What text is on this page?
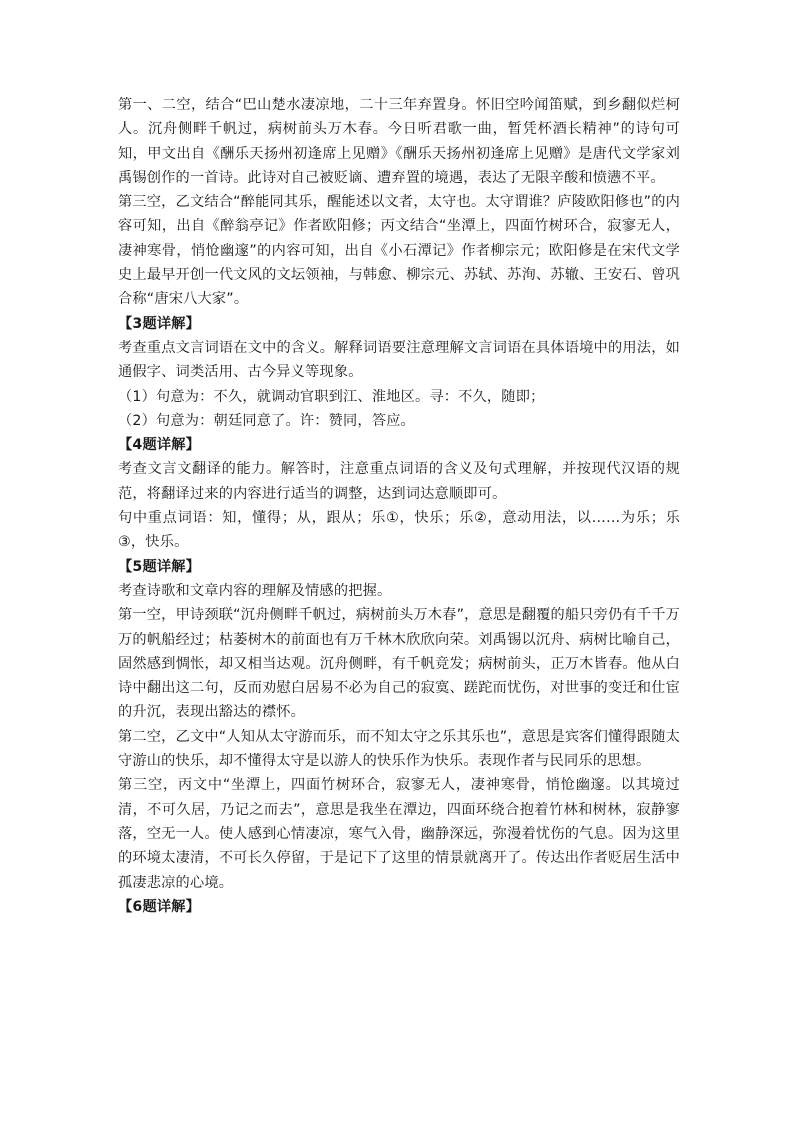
第一、二空，结合“巴山楚水凄凉地，二十三年弃置身。怀旧空吟闻笛赋，到乡翻似烂柯人。沉舟侧畔千帆过，病树前头万木春。今日听君歌一曲，暂凭杯酒长精神”的诗句可知，甲文出自《酬乐天扬州初逢席上见赠》《酬乐天扬州初逢席上见赠》是唐代文学家刘禹锡创作的一首诗。此诗对自己被贬谪、遭弃置的境遇，表达了无限辛酸和愤懑不平。

第三空，乙文结合“醉能同其乐，醒能述以文者，太守也。太守谓谁？庐陵欧阳修也”的内容可知，出自《醉翁亭记》作者欧阳修；丙文结合“坐潭上，四面竹树环合，寂寥无人，凄神寒骨，悄怆幽邃”的内容可知，出自《小石潭记》作者柳宗元；欧阳修是在宋代文学史上最早开创一代文风的文坛领袖，与韩愈、柳宗元、苏轼、苏洵、苏辙、王安石、曾巩合称“唐宋八大家”。

【3题详解】

考查重点文言词语在文中的含义。解释词语要注意理解文言词语在具体语境中的用法，如通假字、词类活用、古今异义等现象。

（1）句意为：不久，就调动官职到江、淮地区。寻：不久，随即；

（2）句意为：朝廷同意了。许：赞同，答应。

【4题详解】

考查文言文翻译的能力。解答时，注意重点词语的含义及句式理解，并按现代汉语的规范，将翻译过来的内容进行适当的调整，达到词达意顺即可。

句中重点词语：知，懂得；从，跟从；乐①，快乐；乐②，意动用法，以……为乐；乐③，快乐。

【5题详解】

考查诗歌和文章内容的理解及情感的把握。

第一空，甲诗颈联“沉舟侧畔千帆过，病树前头万木春”，意思是翻覆的船只旁仍有千千万万的帆船经过；枯萎树木的前面也有万千林木欣欣向荣。刘禹锡以沉舟、病树比喻自己，固然感到惆怅，却又相当达观。沉舟侧畔，有千帆竞发；病树前头，正万木皆春。他从白诗中翻出这二句，反而劝慰白居易不必为自己的寂寞、蹉跎而忧伤，对世事的变迁和仕宦的升沉，表现出豁达的襟怀。

第二空，乙文中“人知从太守游而乐，而不知太守之乐其乐也”，意思是宾客们懂得跟随太守游山的快乐，却不懂得太守是以游人的快乐作为快乐。表现作者与民同乐的思想。

第三空，丙文中“坐潭上，四面竹树环合，寂寥无人，凄神寒骨，悄怆幽邃。以其境过清，不可久居，乃记之而去”，意思是我坐在潭边，四面环绕合抱着竹林和树林，寂静寥落，空无一人。使人感到心情凄凉，寒气入骨，幽静深远，弥漫着忧伤的气息。因为这里的环境太凄清，不可长久停留，于是记下了这里的情景就离开了。传达出作者贬居生活中孤凄悲凉的心境。

【6题详解】
